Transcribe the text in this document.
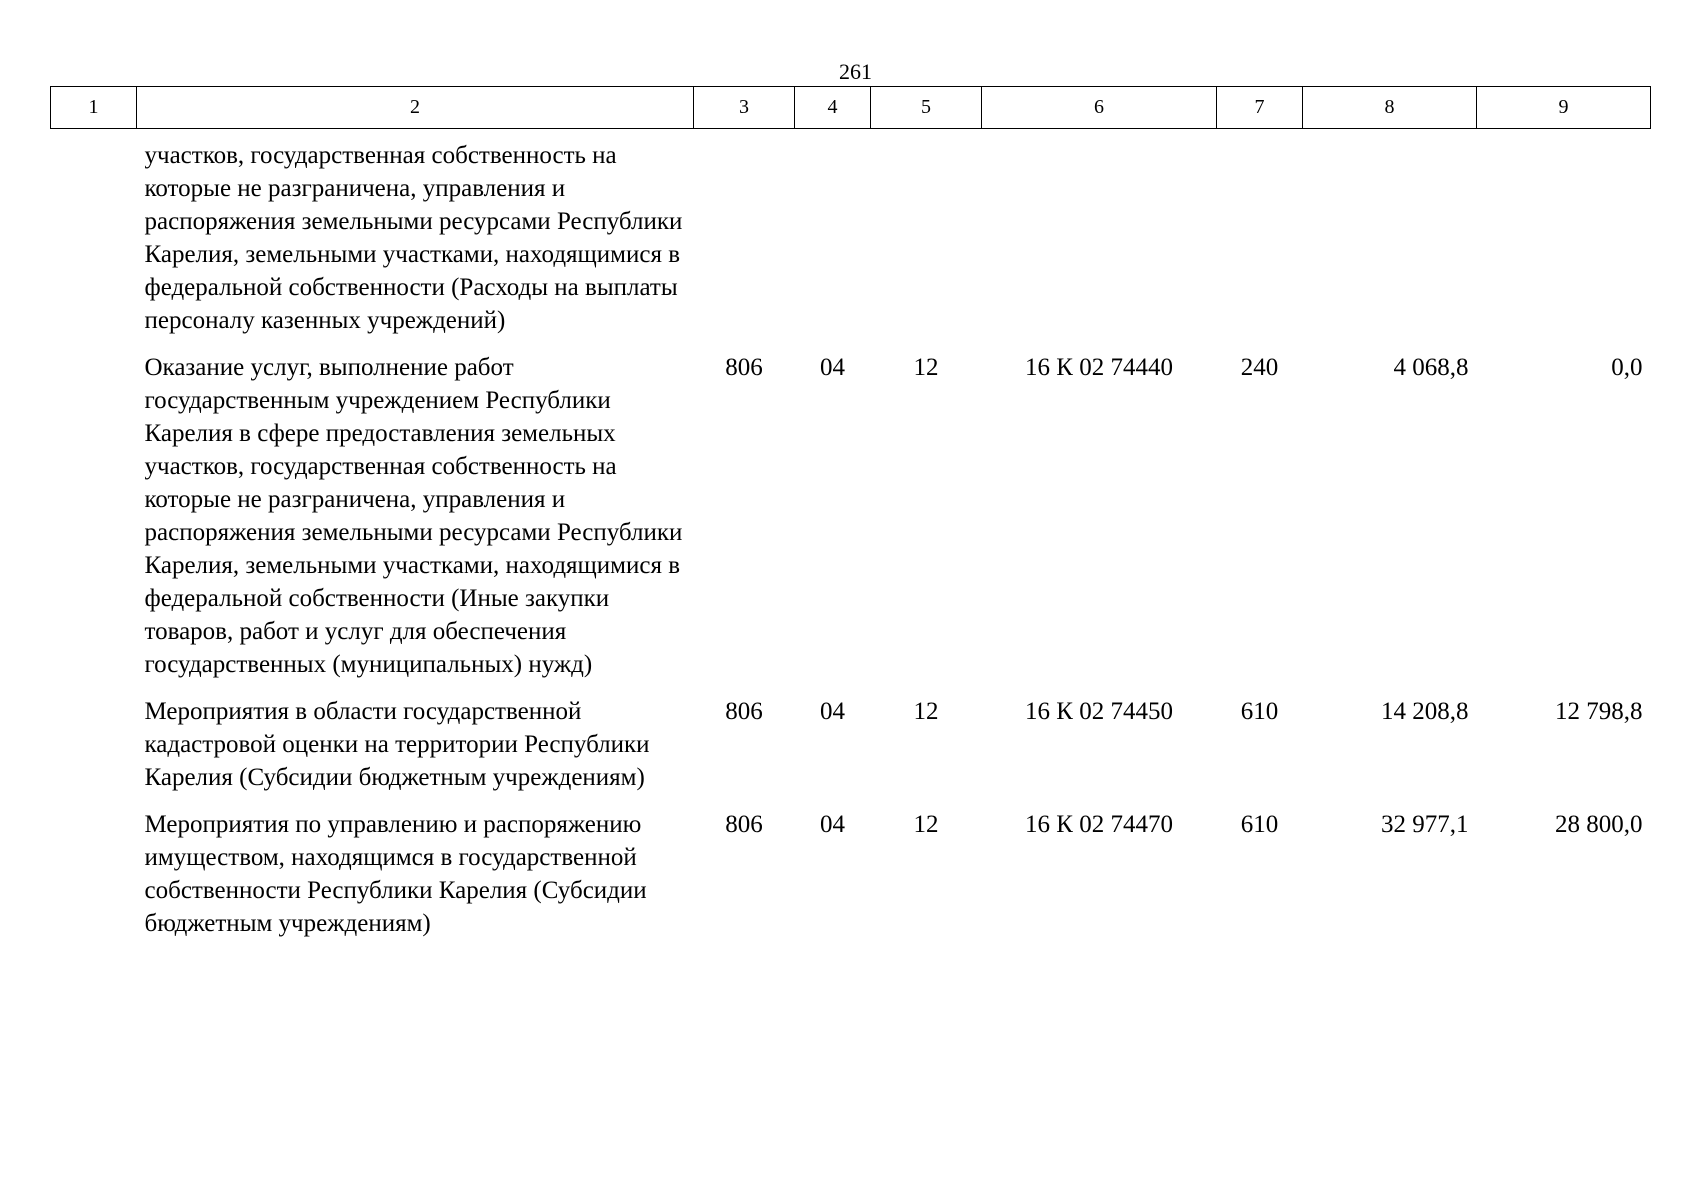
261
1	2	3	4	5	6	7	8	9
участков, государственная собственность на которые не разграничена, управления и распоряжения земельными ресурсами Республики Карелия, земельными участками, находящимися в федеральной собственности (Расходы на выплаты персоналу казенных учреждений)								
Оказание услуг, выполнение работ государственным учреждением Республики Карелия в сфере предоставления земельных участков, государственная собственность на которые не разграничена, управления и распоряжения земельными ресурсами Республики Карелия, земельными участками, находящимися в федеральной собственности (Иные закупки товаров, работ и услуг для обеспечения государственных (муниципальных) нужд)		806	04	12	16 К 02 74440	240	4 068,8	0,0
Мероприятия в области государственной кадастровой оценки на территории Республики Карелия (Субсидии бюджетным учреждениям)		806	04	12	16 К 02 74450	610	14 208,8	12 798,8
Мероприятия по управлению и распоряжению имуществом, находящимся в государственной собственности Республики Карелия (Субсидии бюджетным учреждениям)		806	04	12	16 К 02 74470	610	32 977,1	28 800,0
